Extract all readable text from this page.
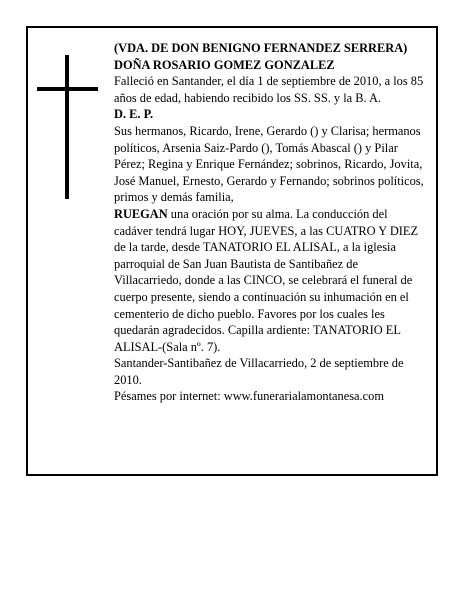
(VDA. DE DON BENIGNO FERNANDEZ SERRERA)

DOÑA ROSARIO GOMEZ GONZALEZ

Falleció en Santander, el día 1 de septiembre de 2010, a los 85 años de edad, habiendo recibido los SS. SS. y la B. A.

D. E. P.

Sus hermanos, Ricardo, Irene, Gerardo () y Clarisa; hermanos políticos, Arsenia Saiz-Pardo (), Tomás Abascal () y Pilar Pérez; Regina y Enrique Fernández; sobrinos, Ricardo, Jovita, José Manuel, Ernesto, Gerardo y Fernando; sobrinos políticos, primos y demás familia,

RUEGAN una oración por su alma. La conducción del cadáver tendrá lugar HOY, JUEVES, a las CUATRO Y DIEZ de la tarde, desde TANATORIO EL ALISAL, a la iglesia parroquial de San Juan Bautista de Santibañez de Villacarriedo, donde a las CINCO, se celebrará el funeral de cuerpo presente, siendo a continuación su inhumación en el cementerio de dicho pueblo. Favores por los cuales les quedarán agradecidos. Capilla ardiente: TANATORIO EL ALISAL-(Sala nº. 7).

Santander-Santibañez de Villacarriedo, 2 de septiembre de 2010.

Pésames por internet: www.funerarialamontanesa.com
